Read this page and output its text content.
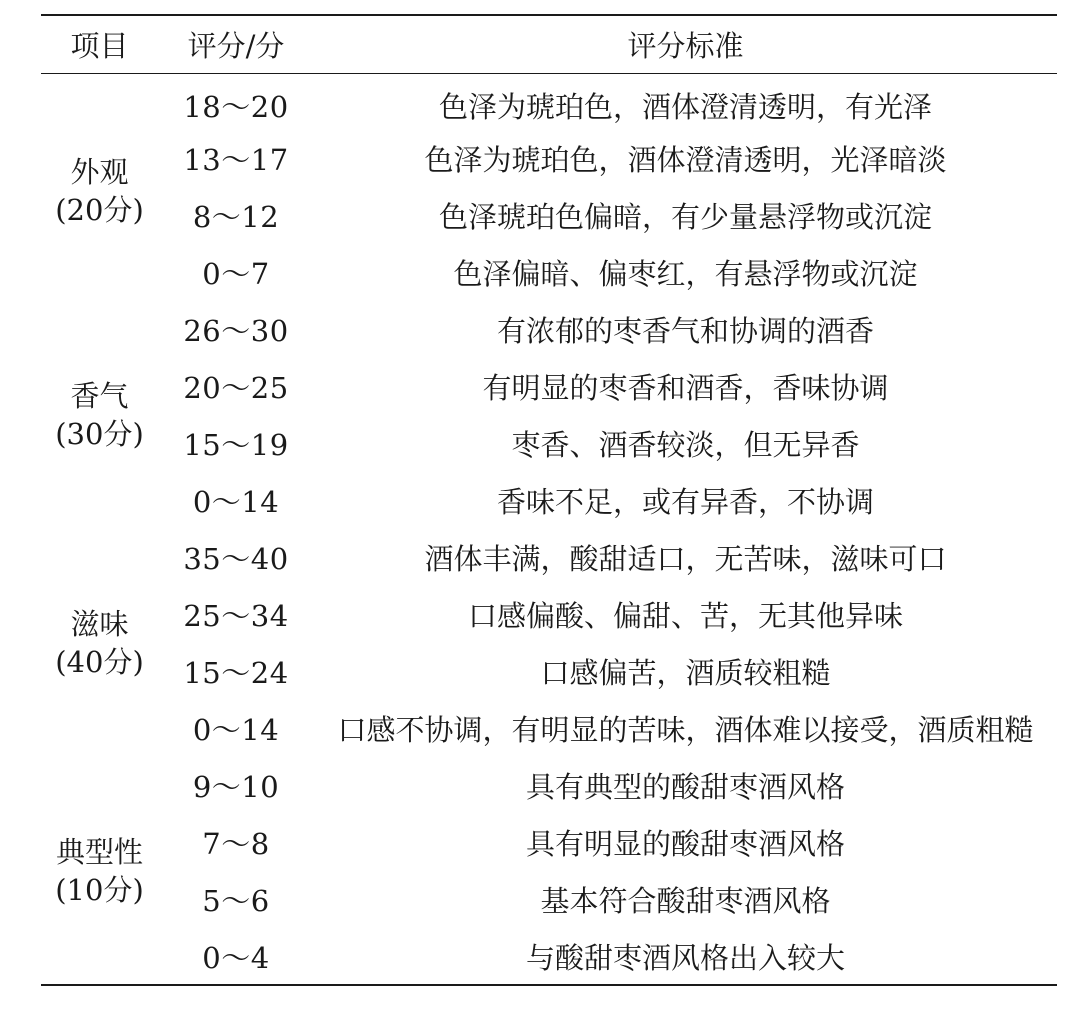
项目	评分/分	评分标准

外观
(20分)	18～20	色泽为琥珀色，酒体澄清透明，有光泽
	13～17	色泽为琥珀色，酒体澄清透明，光泽暗淡
	8～12	色泽琥珀色偏暗，有少量悬浮物或沉淀
	0～7	色泽偏暗、偏枣红，有悬浮物或沉淀

香气
(30分)	26～30	有浓郁的枣香气和协调的酒香
	20～25	有明显的枣香和酒香，香味协调
	15～19	枣香、酒香较淡，但无异香
	0～14	香味不足，或有异香，不协调

滋味
(40分)	35～40	酒体丰满，酸甜适口，无苦味，滋味可口
	25～34	口感偏酸、偏甜、苦，无其他异味
	15～24	口感偏苦，酒质较粗糙
	0～14	口感不协调，有明显的苦味，酒体难以接受，酒质粗糙

典型性
(10分)	9～10	具有典型的酸甜枣酒风格
	7～8	具有明显的酸甜枣酒风格
	5～6	基本符合酸甜枣酒风格
	0～4	与酸甜枣酒风格出入较大
